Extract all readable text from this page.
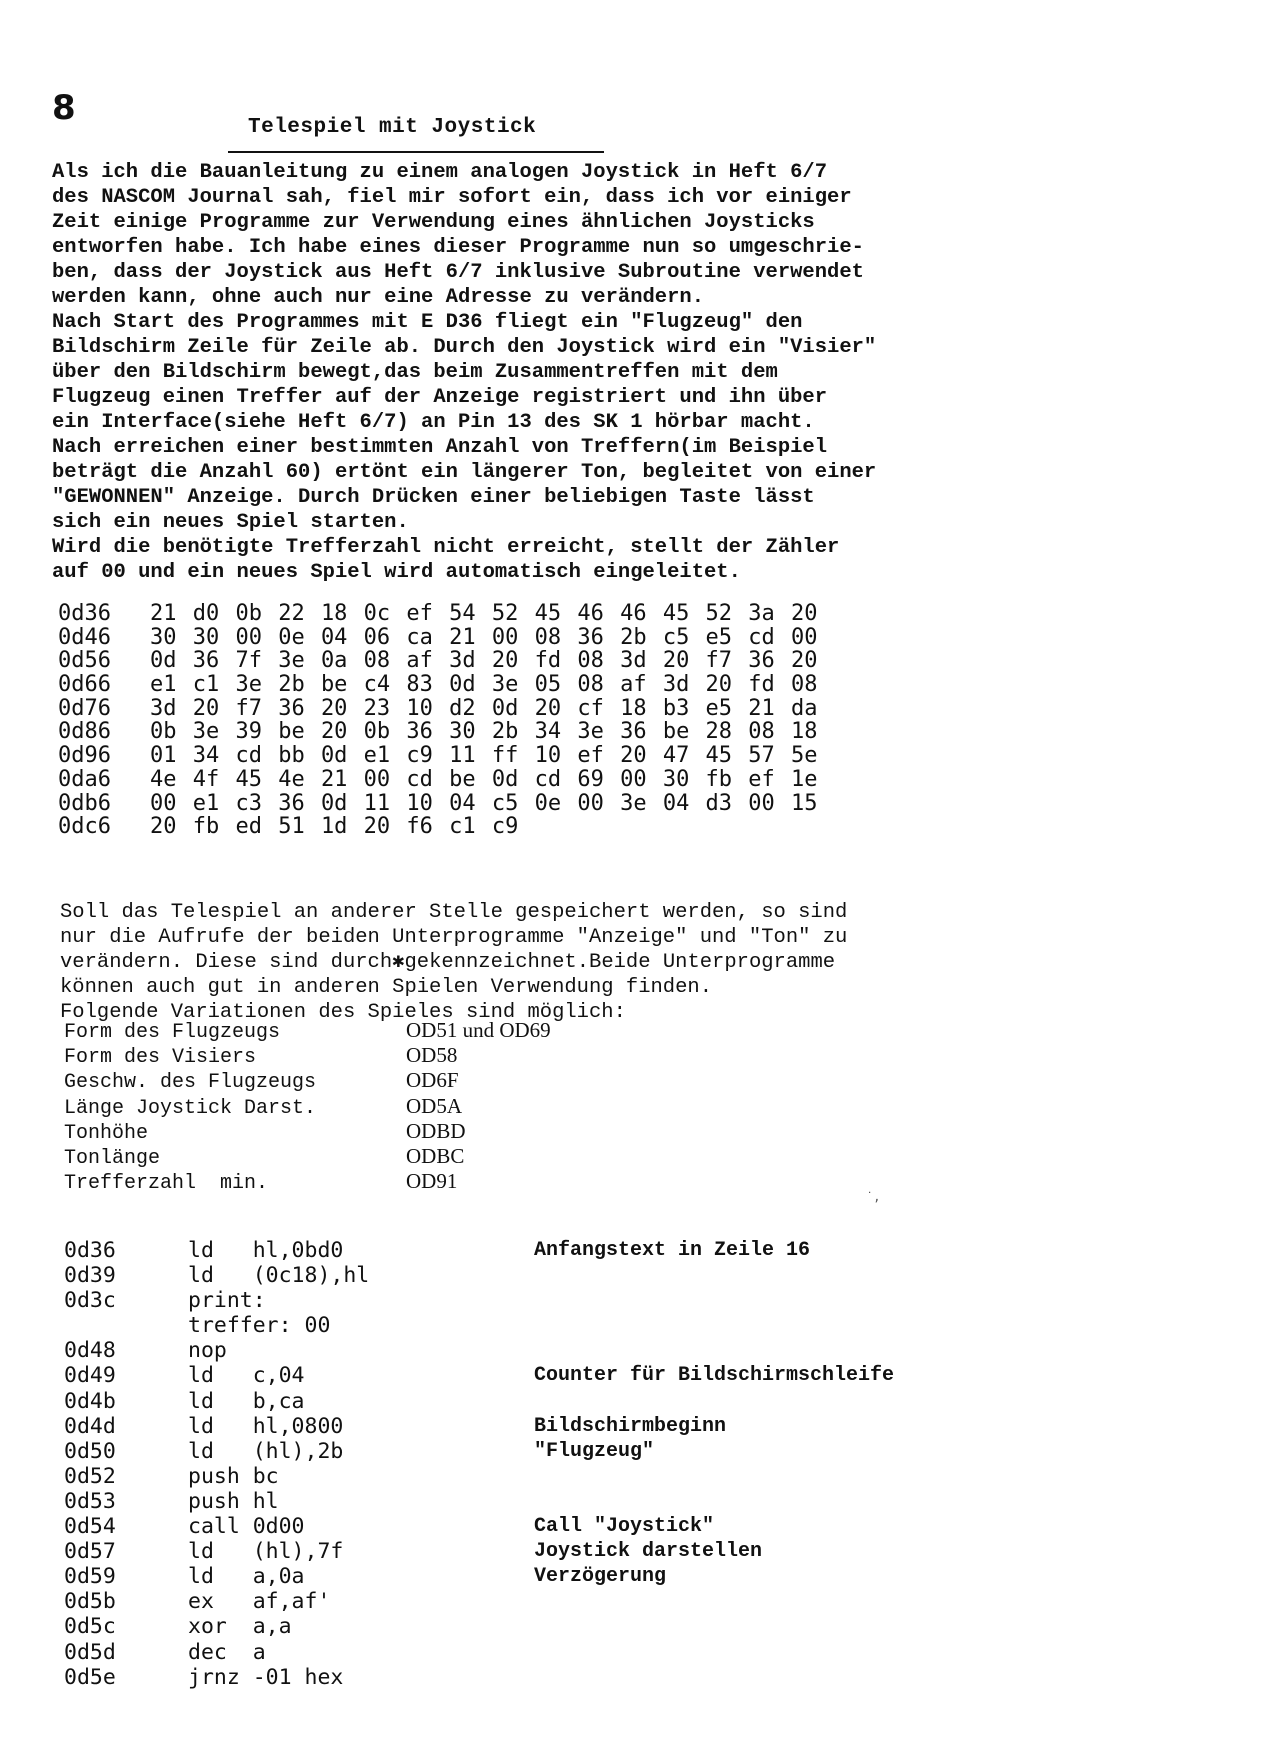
8	Telespiel mit Joystick
Als ich die Bauanleitung zu einem analogen Joystick in Heft 6/7
des NASCOM Journal sah, fiel mir sofort ein, dass ich vor einiger
Zeit einige Programme zur Verwendung eines ähnlichen Joysticks
entworfen habe. Ich habe eines dieser Programme nun so umgeschrie-
ben, dass der Joystick aus Heft 6/7 inklusive Subroutine verwendet
werden kann, ohne auch nur eine Adresse zu verändern.
Nach Start des Programmes mit E D36 fliegt ein "Flugzeug" den
Bildschirm Zeile für Zeile ab. Durch den Joystick wird ein "Visier"
über den Bildschirm bewegt,das beim Zusammentreffen mit dem
Flugzeug einen Treffer auf der Anzeige registriert und ihn über
ein Interface(siehe Heft 6/7) an Pin 13 des SK 1 hörbar macht.
Nach erreichen einer bestimmten Anzahl von Treffern(im Beispiel
beträgt die Anzahl 60) ertönt ein längerer Ton, begleitet von einer
"GEWONNEN" Anzeige. Durch Drücken einer beliebigen Taste lässt
sich ein neues Spiel starten.
Wird die benötigte Trefferzahl nicht erreicht, stellt der Zähler
auf 00 und ein neues Spiel wird automatisch eingeleitet.
0d36 21 d0 0b 22 18 0c ef 54 52 45 46 46 45 52 3a 20
0d46 30 30 00 0e 04 06 ca 21 00 08 36 2b c5 e5 cd 00
0d56 0d 36 7f 3e 0a 08 af 3d 20 fd 08 3d 20 f7 36 20
0d66 e1 c1 3e 2b be c4 83 0d 3e 05 08 af 3d 20 fd 08
0d76 3d 20 f7 36 20 23 10 d2 0d 20 cf 18 b3 e5 21 da
0d86 0b 3e 39 be 20 0b 36 30 2b 34 3e 36 be 28 08 18
0d96 01 34 cd bb 0d e1 c9 11 ff 10 ef 20 47 45 57 5e
0da6 4e 4f 45 4e 21 00 cd be 0d cd 69 00 30 fb ef 1e
0db6 00 e1 c3 36 0d 11 10 04 c5 0e 00 3e 04 d3 00 15
0dc6 20 fb ed 51 1d 20 f6 c1 c9
Soll das Telespiel an anderer Stelle gespeichert werden, so sind
nur die Aufrufe der beiden Unterprogramme "Anzeige" und "Ton" zu
verändern. Diese sind durch✱gekennzeichnet.Beide Unterprogramme
können auch gut in anderen Spielen Verwendung finden.
Folgende Variationen des Spieles sind möglich:
Form des Flugzeugs	OD51 und OD69
Form des Visiers	OD58
Geschw. des Flugzeugs	OD6F
Länge Joystick Darst.	OD5A
Tonhöhe	ODBD
Tonlänge	ODBC
Trefferzahl  min.	OD91
˙,
0d36	ld   hl,0bd0	Anfangstext in Zeile 16
0d39	ld   (0c18),hl
0d3c	print:
treffer: 00
0d48	nop
0d49	ld   c,04	Counter für Bildschirmschleife
0d4b	ld   b,ca
0d4d	ld   hl,0800	Bildschirmbeginn
0d50	ld   (hl),2b	"Flugzeug"
0d52	push bc
0d53	push hl
0d54	call 0d00	Call "Joystick"
0d57	ld   (hl),7f	Joystick darstellen
0d59	ld   a,0a	Verzögerung
0d5b	ex   af,af'
0d5c	xor  a,a
0d5d	dec  a
0d5e	jrnz -01 hex
